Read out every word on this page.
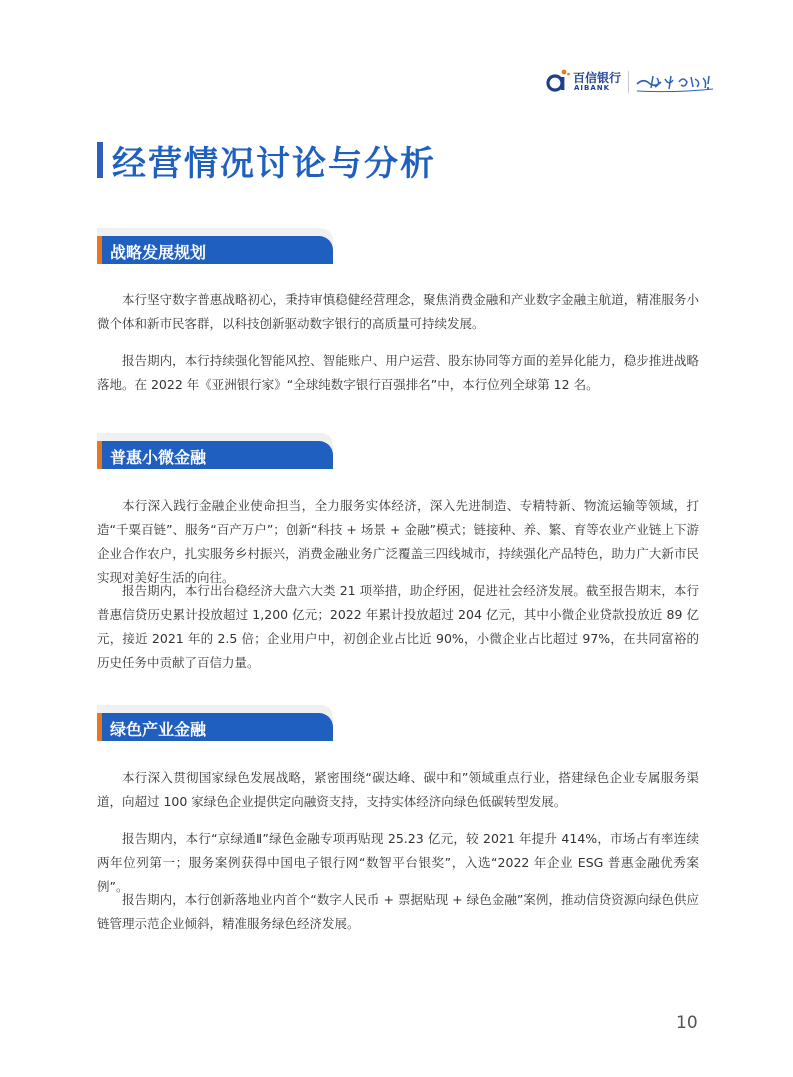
百信银行
AIBANK
经营情况讨论与分析
战略发展规划

本行坚守数字普惠战略初心，秉持审慎稳健经营理念，聚焦消费金融和产业数字金融主航道，精准服务小微个体和新市民客群，以科技创新驱动数字银行的高质量可持续发展。

报告期内，本行持续强化智能风控、智能账户、用户运营、股东协同等方面的差异化能力，稳步推进战略落地。在 2022 年《亚洲银行家》“全球纯数字银行百强排名”中，本行位列全球第 12 名。

普惠小微金融

本行深入践行金融企业使命担当，全力服务实体经济，深入先进制造、专精特新、物流运输等领域，打造“千粟百链”、服务“百产万户”；创新“科技 + 场景 + 金融”模式；链接种、养、繁、育等农业产业链上下游企业合作农户，扎实服务乡村振兴，消费金融业务广泛覆盖三四线城市，持续强化产品特色，助力广大新市民实现对美好生活的向往。

报告期内，本行出台稳经济大盘六大类 21 项举措，助企纾困，促进社会经济发展。截至报告期末，本行普惠信贷历史累计投放超过 1,200 亿元；2022 年累计投放超过 204 亿元，其中小微企业贷款投放近 89 亿元，接近 2021 年的 2.5 倍；企业用户中，初创企业占比近 90%，小微企业占比超过 97%，在共同富裕的历史任务中贡献了百信力量。

绿色产业金融

本行深入贯彻国家绿色发展战略，紧密围绕“碳达峰、碳中和”领域重点行业，搭建绿色企业专属服务渠道，向超过 100 家绿色企业提供定向融资支持，支持实体经济向绿色低碳转型发展。

报告期内，本行“京绿通Ⅱ”绿色金融专项再贴现 25.23 亿元，较 2021 年提升 414%，市场占有率连续两年位列第一；服务案例获得中国电子银行网“数智平台银奖”，入选“2022 年企业 ESG 普惠金融优秀案例”。

报告期内，本行创新落地业内首个“数字人民币 + 票据贴现 + 绿色金融”案例，推动信贷资源向绿色供应链管理示范企业倾斜，精准服务绿色经济发展。

10
